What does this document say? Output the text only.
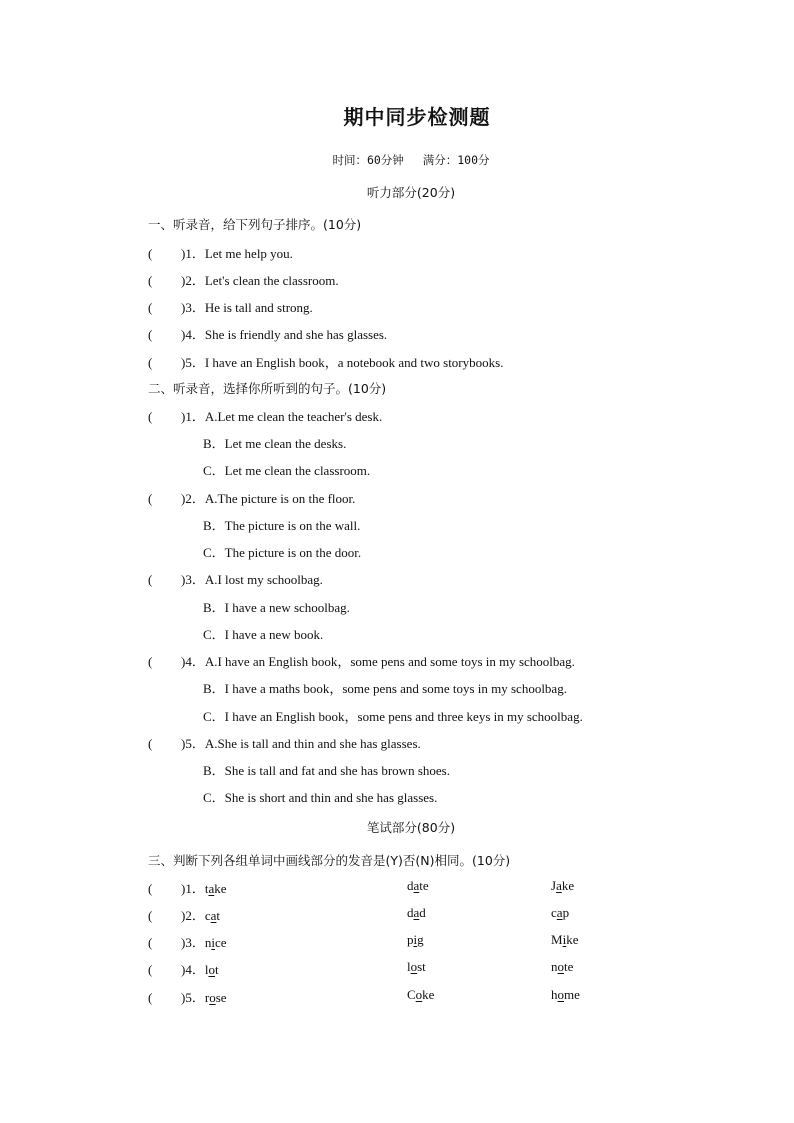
期中同步检测题
时间：60分钟 满分：100分
听力部分(20分)
一、听录音，给下列句子排序。(10分)
( )1．Let me help you.
( )2．Let's clean the classroom.
( )3．He is tall and strong.
( )4．She is friendly and she has glasses.
( )5．I have an English book，a notebook and two storybooks.
二、听录音，选择你所听到的句子。(10分)
( )1．A.Let me clean the teacher's desk.
B．Let me clean the desks.
C．Let me clean the classroom.
( )2．A.The picture is on the floor.
B．The picture is on the wall.
C．The picture is on the door.
( )3．A.I lost my schoolbag.
B．I have a new schoolbag.
C．I have a new book.
( )4．A.I have an English book，some pens and some toys in my schoolbag.
B．I have a maths book，some pens and some toys in my schoolbag.
C．I have an English book，some pens and three keys in my schoolbag.
( )5．A.She is tall and thin and she has glasses.
B．She is tall and fat and she has brown shoes.
C．She is short and thin and she has glasses.
笔试部分(80分)
三、判断下列各组单词中画线部分的发音是(Y)否(N)相同。(10分)
( )1．take	date	Jake
( )2．cat	dad	cap
( )3．nice	pig	Mike
( )4．lot	lost	note
( )5．rose	Coke	home
